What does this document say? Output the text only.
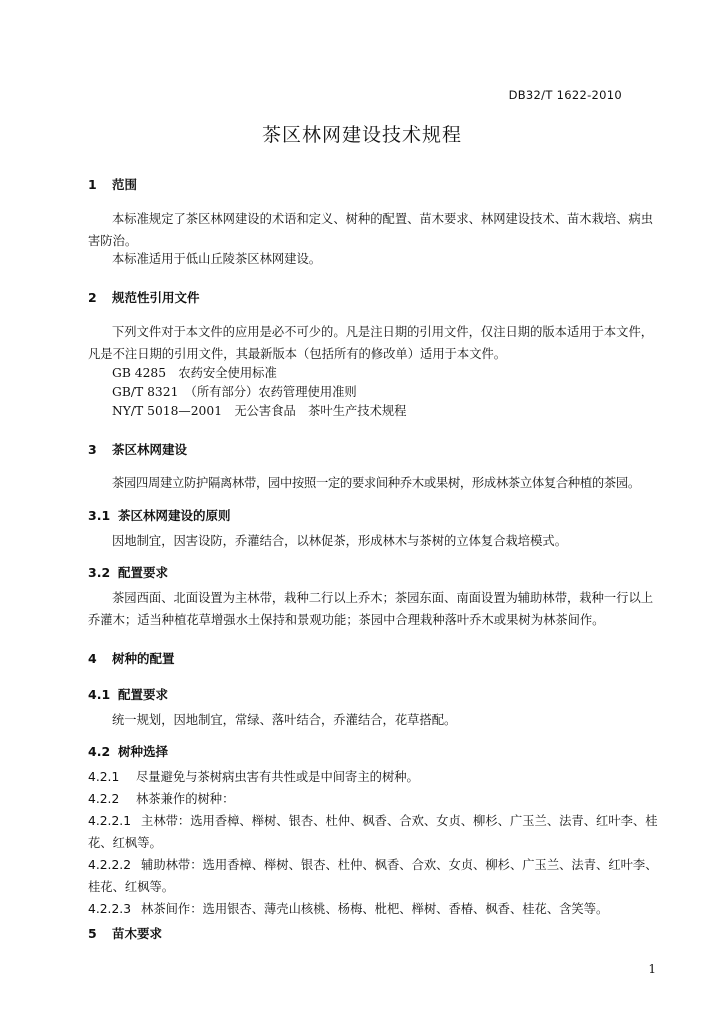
DB32/T 1622-2010
茶区林网建设技术规程
1 范围
本标准规定了茶区林网建设的术语和定义、树种的配置、苗木要求、林网建设技术、苗木栽培、病虫害防治。
本标准适用于低山丘陵茶区林网建设。
2 规范性引用文件
下列文件对于本文件的应用是必不可少的。凡是注日期的引用文件，仅注日期的版本适用于本文件，凡是不注日期的引用文件，其最新版本（包括所有的修改单）适用于本文件。
GB 4285　农药安全使用标准
GB/T 8321　（所有部分）农药管理使用准则
NY/T 5018—2001　无公害食品　茶叶生产技术规程
3 茶区林网建设
茶园四周建立防护隔离林带，园中按照一定的要求间种乔木或果树，形成林茶立体复合种植的茶园。
3.1 茶区林网建设的原则
因地制宜，因害设防，乔灌结合，以林促茶，形成林木与茶树的立体复合栽培模式。
3.2 配置要求
茶园西面、北面设置为主林带，栽种二行以上乔木；茶园东面、南面设置为辅助林带，栽种一行以上乔灌木；适当种植花草增强水土保持和景观功能；茶园中合理栽种落叶乔木或果树为林茶间作。
4 树种的配置
4.1 配置要求
统一规划，因地制宜，常绿、落叶结合，乔灌结合，花草搭配。
4.2 树种选择
4.2.1 尽量避免与茶树病虫害有共性或是中间寄主的树种。
4.2.2 林茶兼作的树种：
4.2.2.1 主林带：选用香樟、榉树、银杏、杜仲、枫香、合欢、女贞、柳杉、广玉兰、法青、红叶李、桂花、红枫等。
4.2.2.2 辅助林带：选用香樟、榉树、银杏、杜仲、枫香、合欢、女贞、柳杉、广玉兰、法青、红叶李、桂花、红枫等。
4.2.2.3 林茶间作：选用银杏、薄壳山核桃、杨梅、枇杷、榉树、香椿、枫香、桂花、含笑等。
5 苗木要求
1
